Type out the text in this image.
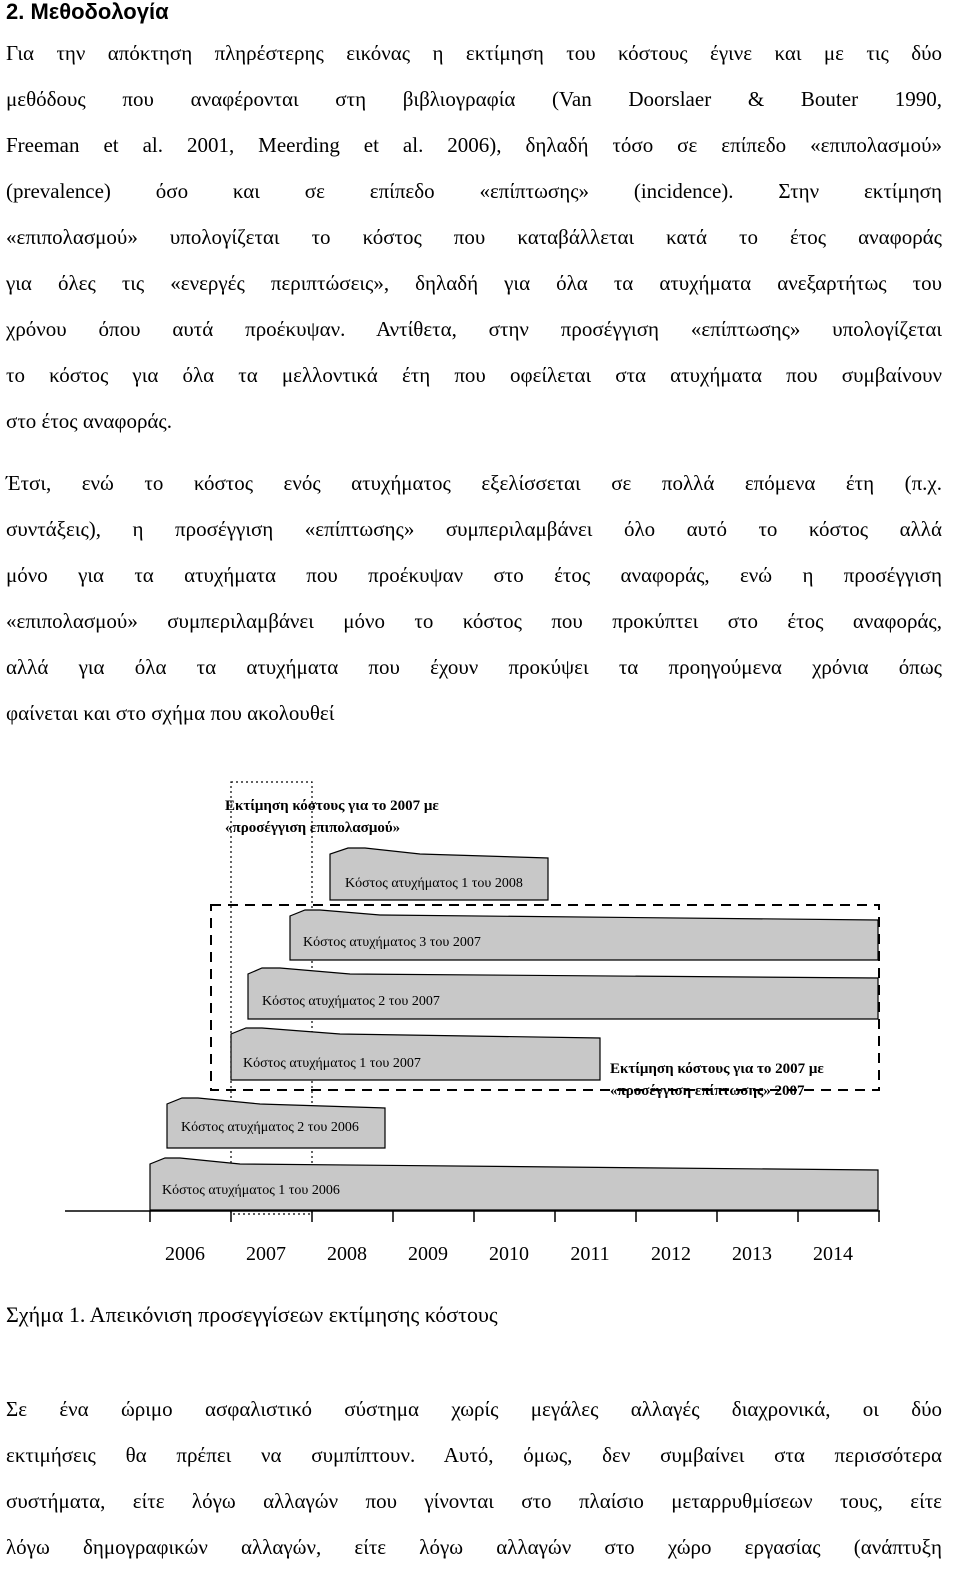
2. Μεθοδολογία
Για την απόκτηση πληρέστερης εικόνας η εκτίμηση του κόστους έγινε και με τις δύο
μεθόδους που αναφέρονται στη βιβλιογραφία (Van Doorslaer & Bouter 1990,
Freeman et al. 2001, Meerding et al. 2006), δηλαδή τόσο σε επίπεδο «επιπολασμού»
(prevalence) όσο και σε επίπεδο «επίπτωσης» (incidence). Στην εκτίμηση
«επιπολασμού» υπολογίζεται το κόστος που καταβάλλεται κατά το έτος αναφοράς
για όλες τις «ενεργές περιπτώσεις», δηλαδή για όλα τα ατυχήματα ανεξαρτήτως του
χρόνου όπου αυτά προέκυψαν. Αντίθετα, στην προσέγγιση «επίπτωσης» υπολογίζεται
το κόστος για όλα τα μελλοντικά έτη που οφείλεται στα ατυχήματα που συμβαίνουν
στο έτος αναφοράς.
Έτσι, ενώ το κόστος ενός ατυχήματος εξελίσσεται σε πολλά επόμενα έτη (π.χ.
συντάξεις), η προσέγγιση «επίπτωσης» συμπεριλαμβάνει όλο αυτό το κόστος αλλά
μόνο για τα ατυχήματα που προέκυψαν στο έτος αναφοράς, ενώ η προσέγγιση
«επιπολασμού» συμπεριλαμβάνει μόνο το κόστος που προκύπτει στο έτος αναφοράς,
αλλά για όλα τα ατυχήματα που έχουν προκύψει τα προηγούμενα χρόνια όπως
φαίνεται και στο σχήμα που ακολουθεί
Εκτίμηση κόστους για το 2007 με
«προσέγγιση επιπολασμού»
Κόστος ατυχήματος 1 του 2008
Κόστος ατυχήματος 3 του 2007
Κόστος ατυχήματος 2 του 2007
Κόστος ατυχήματος 1 του 2007	Εκτίμηση κόστους για το 2007 με
«προσέγγιση επίπτωσης» 2007
Κόστος ατυχήματος 2 του 2006
Κόστος ατυχήματος 1 του 2006
2006 2007 2008 2009 2010 2011 2012 2013 2014
Σχήμα 1. Απεικόνιση προσεγγίσεων εκτίμησης κόστους
Σε ένα ώριμο ασφαλιστικό σύστημα χωρίς μεγάλες αλλαγές διαχρονικά, οι δύο
εκτιμήσεις θα πρέπει να συμπίπτουν. Αυτό, όμως, δεν συμβαίνει στα περισσότερα
συστήματα, είτε λόγω αλλαγών που γίνονται στο πλαίσιο μεταρρυθμίσεων τους, είτε
λόγω δημογραφικών αλλαγών, είτε λόγω αλλαγών στο χώρο εργασίας (ανάπτυξη
